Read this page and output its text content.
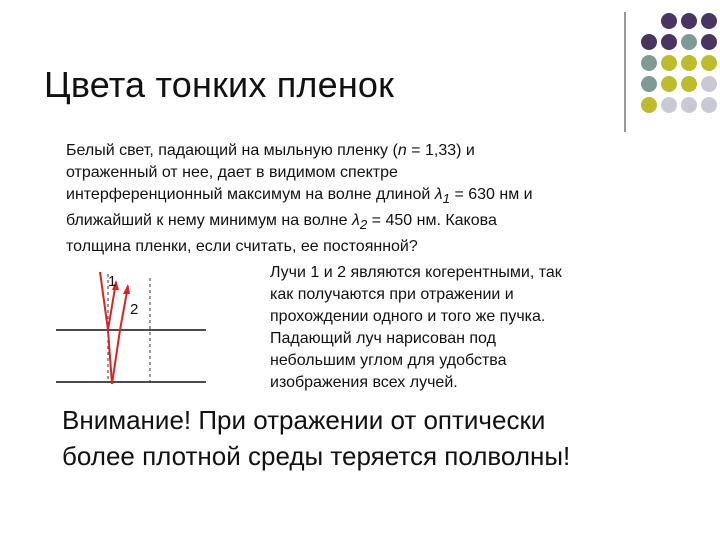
Цвета тонких пленок
Белый свет, падающий на мыльную пленку (n = 1,33) и
отраженный от нее, дает в видимом спектре
интерференционный максимум на волне длиной $\lambda_1 = 630$ нм и
ближайший к нему минимум на волне $\lambda_2 = 450$ нм. Какова
толщина пленки, если считать, ее постоянной?
1
2
Лучи 1 и 2 являются когерентными, так
как получаются при отражении и
прохождении одного и того же пучка.
Падающий луч нарисован под
небольшим углом для удобства
изображения всех лучей.
Внимание! При отражении от оптически
более плотной среды теряется полволны!
